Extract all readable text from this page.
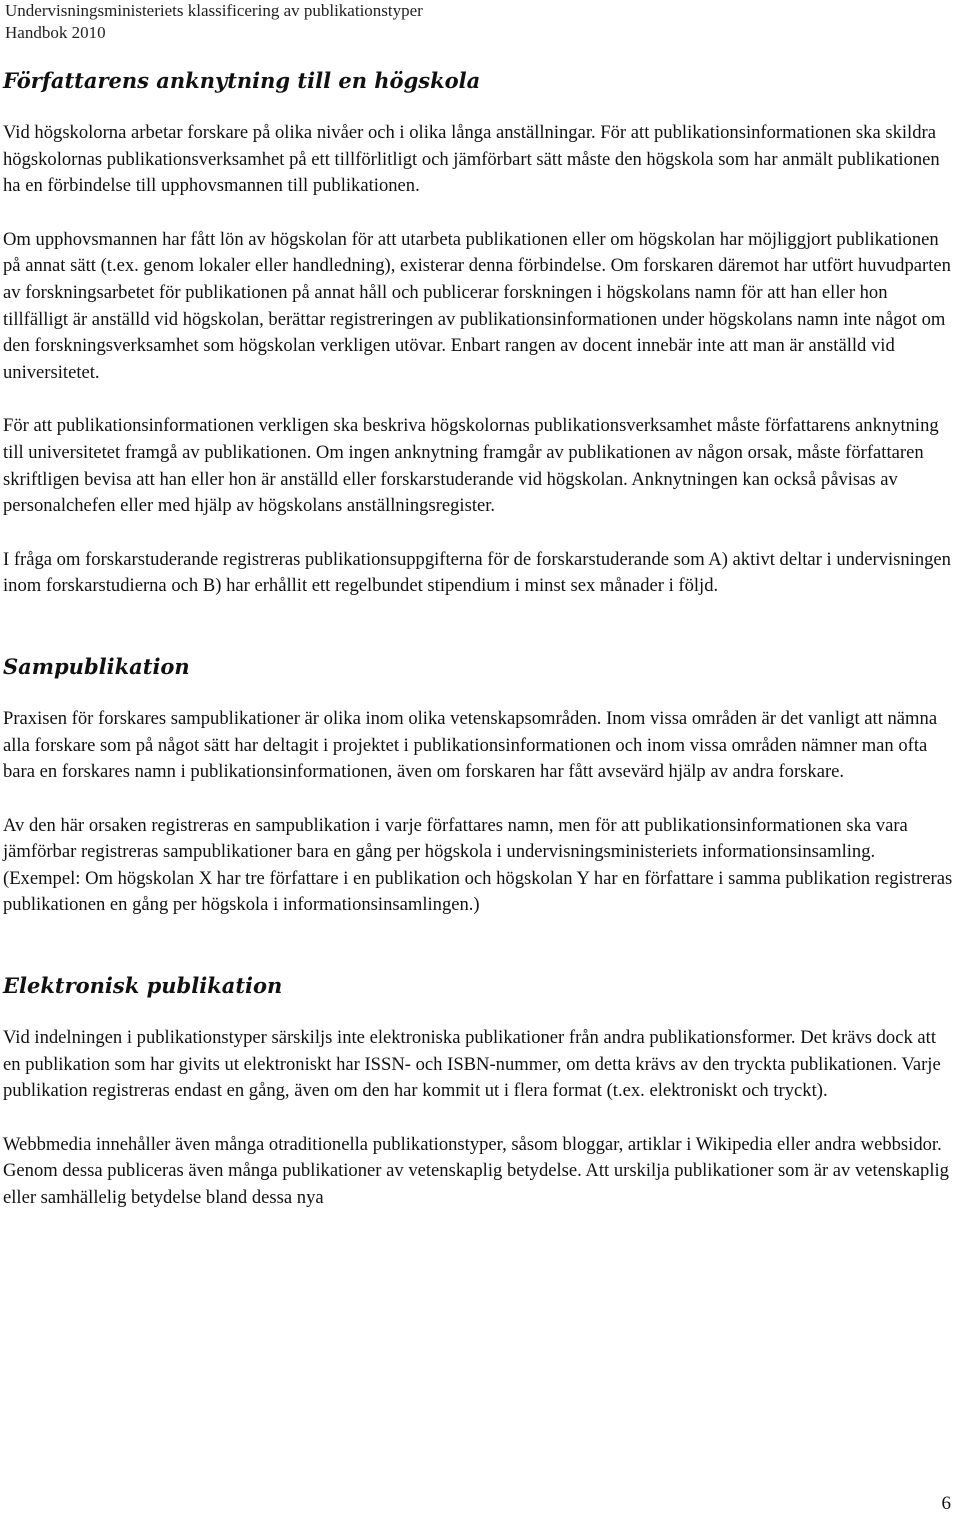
Undervisningsministeriets klassificering av publikationstyper
Handbok 2010
Författarens anknytning till en högskola

Vid högskolorna arbetar forskare på olika nivåer och i olika långa anställningar. För att publikationsinformationen ska skildra högskolornas publikationsverksamhet på ett tillförlitligt och jämförbart sätt måste den högskola som har anmält publikationen ha en förbindelse till upphovsmannen till publikationen.

Om upphovsmannen har fått lön av högskolan för att utarbeta publikationen eller om högskolan har möjliggjort publikationen på annat sätt (t.ex. genom lokaler eller handledning), existerar denna förbindelse. Om forskaren däremot har utfört huvudparten av forskningsarbetet för publikationen på annat håll och publicerar forskningen i högskolans namn för att han eller hon tillfälligt är anställd vid högskolan, berättar registreringen av publikationsinformationen under högskolans namn inte något om den forskningsverksamhet som högskolan verkligen utövar. Enbart rangen av docent innebär inte att man är anställd vid universitetet.

För att publikationsinformationen verkligen ska beskriva högskolornas publikationsverksamhet måste författarens anknytning till universitetet framgå av publikationen. Om ingen anknytning framgår av publikationen av någon orsak, måste författaren skriftligen bevisa att han eller hon är anställd eller forskarstuderande vid högskolan. Anknytningen kan också påvisas av personalchefen eller med hjälp av högskolans anställningsregister.

I fråga om forskarstuderande registreras publikationsuppgifterna för de forskarstuderande som A) aktivt deltar i undervisningen inom forskarstudierna och B) har erhållit ett regelbundet stipendium i minst sex månader i följd.

Sampublikation

Praxisen för forskares sampublikationer är olika inom olika vetenskapsområden. Inom vissa områden är det vanligt att nämna alla forskare som på något sätt har deltagit i projektet i publikationsinformationen och inom vissa områden nämner man ofta bara en forskares namn i publikationsinformationen, även om forskaren har fått avsevärd hjälp av andra forskare.

Av den här orsaken registreras en sampublikation i varje författares namn, men för att publikationsinformationen ska vara jämförbar registreras sampublikationer bara en gång per högskola i undervisningsministeriets informationsinsamling. (Exempel: Om högskolan X har tre författare i en publikation och högskolan Y har en författare i samma publikation registreras publikationen en gång per högskola i informationsinsamlingen.)

Elektronisk publikation

Vid indelningen i publikationstyper särskiljs inte elektroniska publikationer från andra publikationsformer. Det krävs dock att en publikation som har givits ut elektroniskt har ISSN- och ISBN-nummer, om detta krävs av den tryckta publikationen. Varje publikation registreras endast en gång, även om den har kommit ut i flera format (t.ex. elektroniskt och tryckt).

Webbmedia innehåller även många otraditionella publikationstyper, såsom bloggar, artiklar i Wikipedia eller andra webbsidor. Genom dessa publiceras även många publikationer av vetenskaplig betydelse. Att urskilja publikationer som är av vetenskaplig eller samhällelig betydelse bland dessa nya

6
